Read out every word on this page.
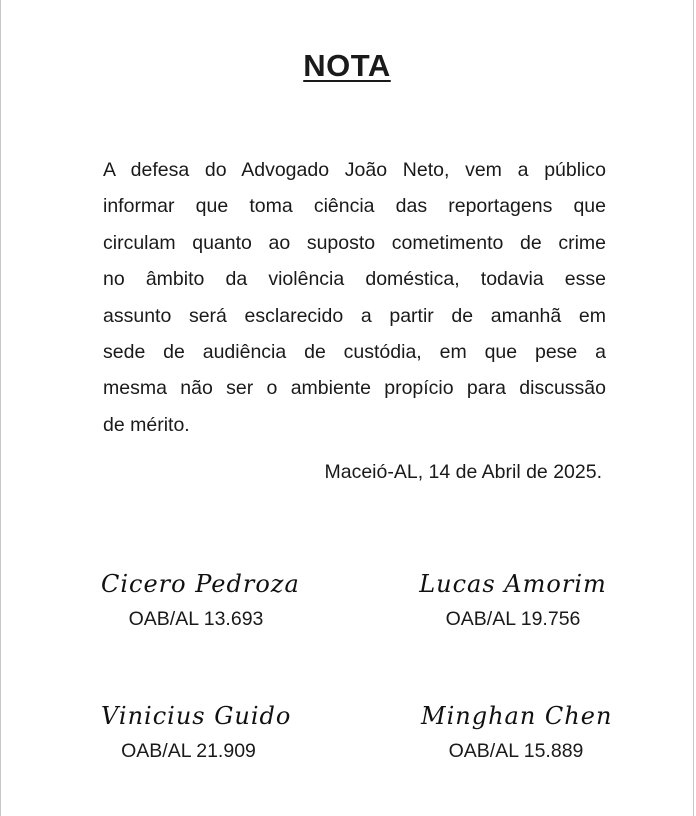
NOTA

A defesa do Advogado João Neto, vem a público
informar que toma ciência das reportagens que
circulam quanto ao suposto cometimento de crime
no âmbito da violência doméstica, todavia esse
assunto será esclarecido a partir de amanhã em
sede de audiência de custódia, em que pese a
mesma não ser o ambiente propício para discussão
de mérito.

Maceió-AL, 14 de Abril de 2025.
Cicero Pedroza
OAB/AL 13.693
Lucas Amorim
OAB/AL 19.756
Vinicius Guido
OAB/AL 21.909
Minghan Chen
OAB/AL 15.889
